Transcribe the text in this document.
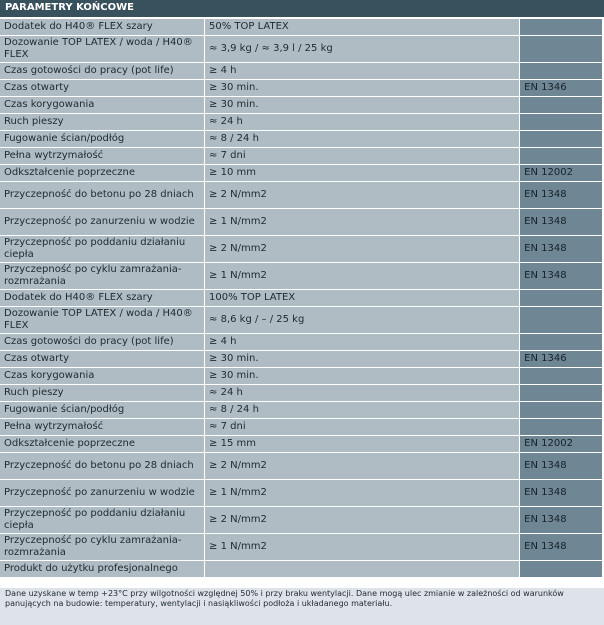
PARAMETRY KOŃCOWE
Dodatek do H40® FLEX szary	50% TOP LATEX	
Dozowanie TOP LATEX / woda / H40® FLEX	≈ 3,9 kg / ≈ 3,9 l / 25 kg	
Czas gotowości do pracy (pot life)	≥ 4 h	
Czas otwarty	≥ 30 min.	EN 1346
Czas korygowania	≥ 30 min.	
Ruch pieszy	≈ 24 h	
Fugowanie ścian/podłóg	≈ 8 / 24 h	
Pełna wytrzymałość	≈ 7 dni	
Odkształcenie poprzeczne	≥ 10 mm	EN 12002
Przyczepność do betonu po 28 dniach	≥ 2 N/mm2	EN 1348
Przyczepność po zanurzeniu w wodzie	≥ 1 N/mm2	EN 1348
Przyczepność po poddaniu działaniu ciepła	≥ 2 N/mm2	EN 1348
Przyczepność po cyklu zamrażania-rozmrażania	≥ 1 N/mm2	EN 1348
Dodatek do H40® FLEX szary	100% TOP LATEX	
Dozowanie TOP LATEX / woda / H40® FLEX	≈ 8,6 kg / – / 25 kg	
Czas gotowości do pracy (pot life)	≥ 4 h	
Czas otwarty	≥ 30 min.	EN 1346
Czas korygowania	≥ 30 min.	
Ruch pieszy	≈ 24 h	
Fugowanie ścian/podłóg	≈ 8 / 24 h	
Pełna wytrzymałość	≈ 7 dni	
Odkształcenie poprzeczne	≥ 15 mm	EN 12002
Przyczepność do betonu po 28 dniach	≥ 2 N/mm2	EN 1348
Przyczepność po zanurzeniu w wodzie	≥ 1 N/mm2	EN 1348
Przyczepność po poddaniu działaniu ciepła	≥ 2 N/mm2	EN 1348
Przyczepność po cyklu zamrażania-rozmrażania	≥ 1 N/mm2	EN 1348
Produkt do użytku profesjonalnego		
Dane uzyskane w temp +23°C przy wilgotności względnej 50% i przy braku wentylacji. Dane mogą ulec zmianie w zależności od warunków panujących na budowie: temperatury, wentylacji i nasiąkliwości podłoża i układanego materiału.
